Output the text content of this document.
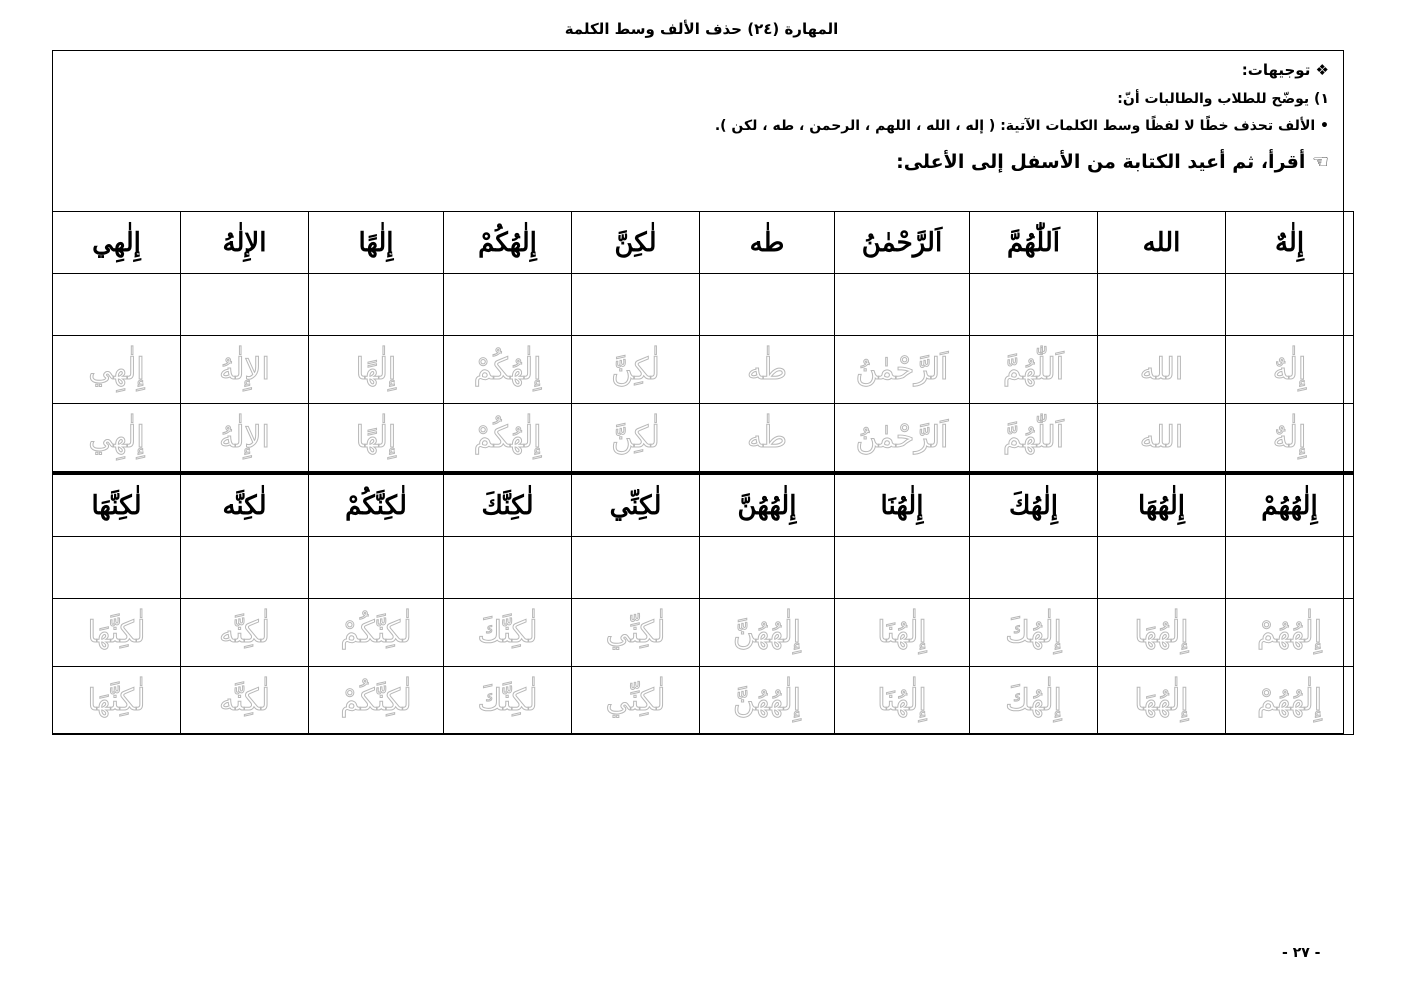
المهارة (٢٤) حذف الألف وسط الكلمة
❖ توجيهات:
١) يوضّح للطلاب والطالبات أنّ:
• الألف تحذف خطًا لا لفظًا وسط الكلمات الآتية: ( إله ، الله ، اللهم ، الرحمن ، طه ، لكن ).
☜ أقرأ، ثم أعيد الكتابة من الأسفل إلى الأعلى:
إِلٰهٌ	الله	اَللّٰهُمَّ	اَلرَّحْمٰنُ	طٰه	لٰكِنَّ	إِلٰهُكُمْ	إِلٰهًا	الإِلٰهُ	إِلٰهِي

إِلٰهٌ	الله	اَللّٰهُمَّ	اَلرَّحْمٰنُ	طٰه	لٰكِنَّ	إِلٰهُكُمْ	إِلٰهًا	الإِلٰهُ	إِلٰهِي
إِلٰهٌ	الله	اَللّٰهُمَّ	اَلرَّحْمٰنُ	طٰه	لٰكِنَّ	إِلٰهُكُمْ	إِلٰهًا	الإِلٰهُ	إِلٰهِي
إِلٰهُهُمْ	إِلٰهُهَا	إِلٰهُكَ	إِلٰهُنَا	إِلٰهُهُنَّ	لٰكِنِّي	لٰكِنَّكَ	لٰكِنَّكُمْ	لٰكِنَّه	لٰكِنَّهَا

إِلٰهُهُمْ	إِلٰهُهَا	إِلٰهُكَ	إِلٰهُنَا	إِلٰهُهُنَّ	لٰكِنِّي	لٰكِنَّكَ	لٰكِنَّكُمْ	لٰكِنَّه	لٰكِنَّهَا
إِلٰهُهُمْ	إِلٰهُهَا	إِلٰهُكَ	إِلٰهُنَا	إِلٰهُهُنَّ	لٰكِنِّي	لٰكِنَّكَ	لٰكِنَّكُمْ	لٰكِنَّه	لٰكِنَّهَا
- ٢٧ -
